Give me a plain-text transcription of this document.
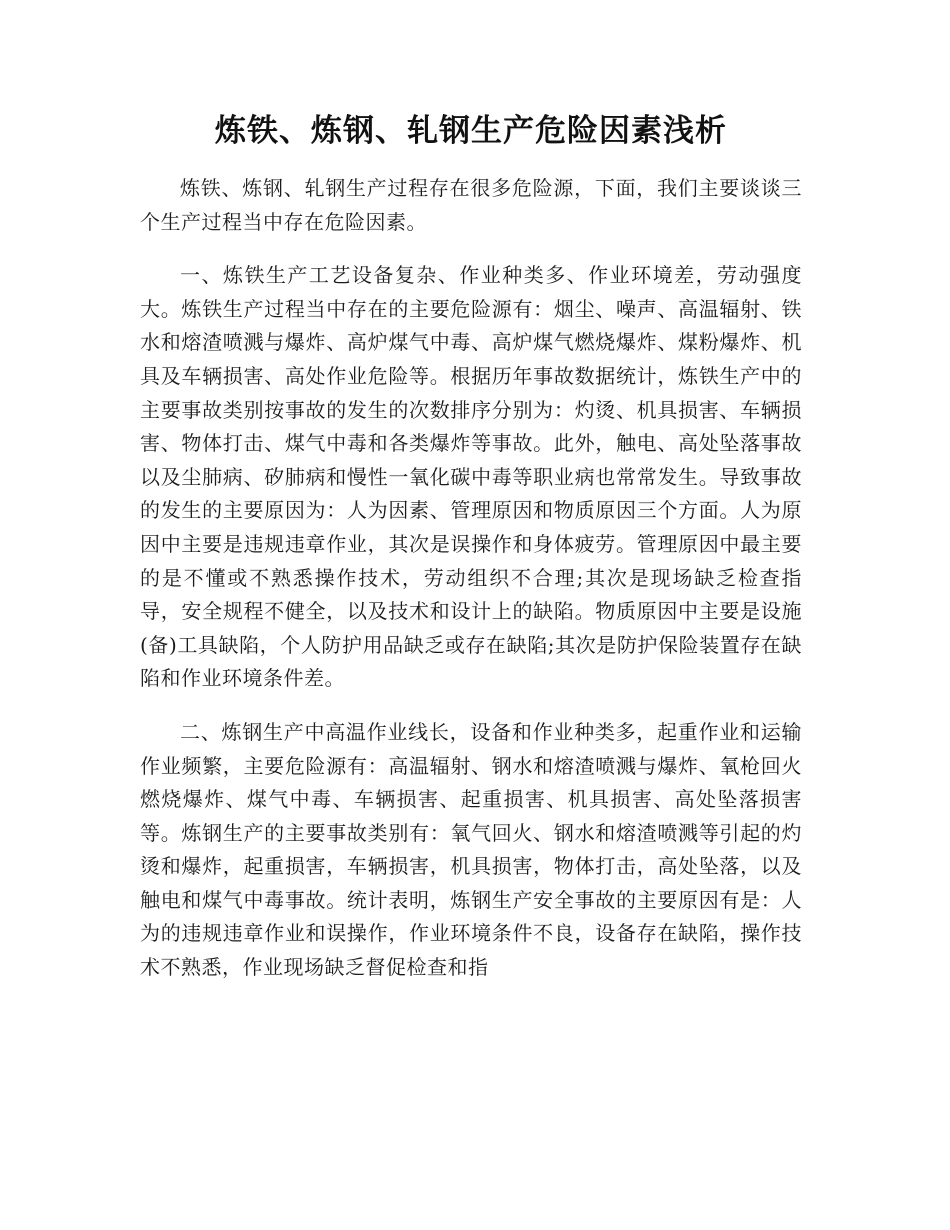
炼铁、炼钢、轧钢生产危险因素浅析

炼铁、炼钢、轧钢生产过程存在很多危险源，下面，我们主要谈谈三个生产过程当中存在危险因素。

一、炼铁生产工艺设备复杂、作业种类多、作业环境差，劳动强度大。炼铁生产过程当中存在的主要危险源有：烟尘、噪声、高温辐射、铁水和熔渣喷溅与爆炸、高炉煤气中毒、高炉煤气燃烧爆炸、煤粉爆炸、机具及车辆损害、高处作业危险等。根据历年事故数据统计，炼铁生产中的主要事故类别按事故的发生的次数排序分别为：灼烫、机具损害、车辆损害、物体打击、煤气中毒和各类爆炸等事故。此外，触电、高处坠落事故以及尘肺病、矽肺病和慢性一氧化碳中毒等职业病也常常发生。导致事故的发生的主要原因为：人为因素、管理原因和物质原因三个方面。人为原因中主要是违规违章作业，其次是误操作和身体疲劳。管理原因中最主要的是不懂或不熟悉操作技术，劳动组织不合理;其次是现场缺乏检查指导，安全规程不健全，以及技术和设计上的缺陷。物质原因中主要是设施(备)工具缺陷，个人防护用品缺乏或存在缺陷;其次是防护保险装置存在缺陷和作业环境条件差。

二、炼钢生产中高温作业线长，设备和作业种类多，起重作业和运输作业频繁，主要危险源有：高温辐射、钢水和熔渣喷溅与爆炸、氧枪回火燃烧爆炸、煤气中毒、车辆损害、起重损害、机具损害、高处坠落损害等。炼钢生产的主要事故类别有：氧气回火、钢水和熔渣喷溅等引起的灼烫和爆炸，起重损害，车辆损害，机具损害，物体打击，高处坠落，以及触电和煤气中毒事故。统计表明，炼钢生产安全事故的主要原因有是：人为的违规违章作业和误操作，作业环境条件不良，设备存在缺陷，操作技术不熟悉，作业现场缺乏督促检查和指
